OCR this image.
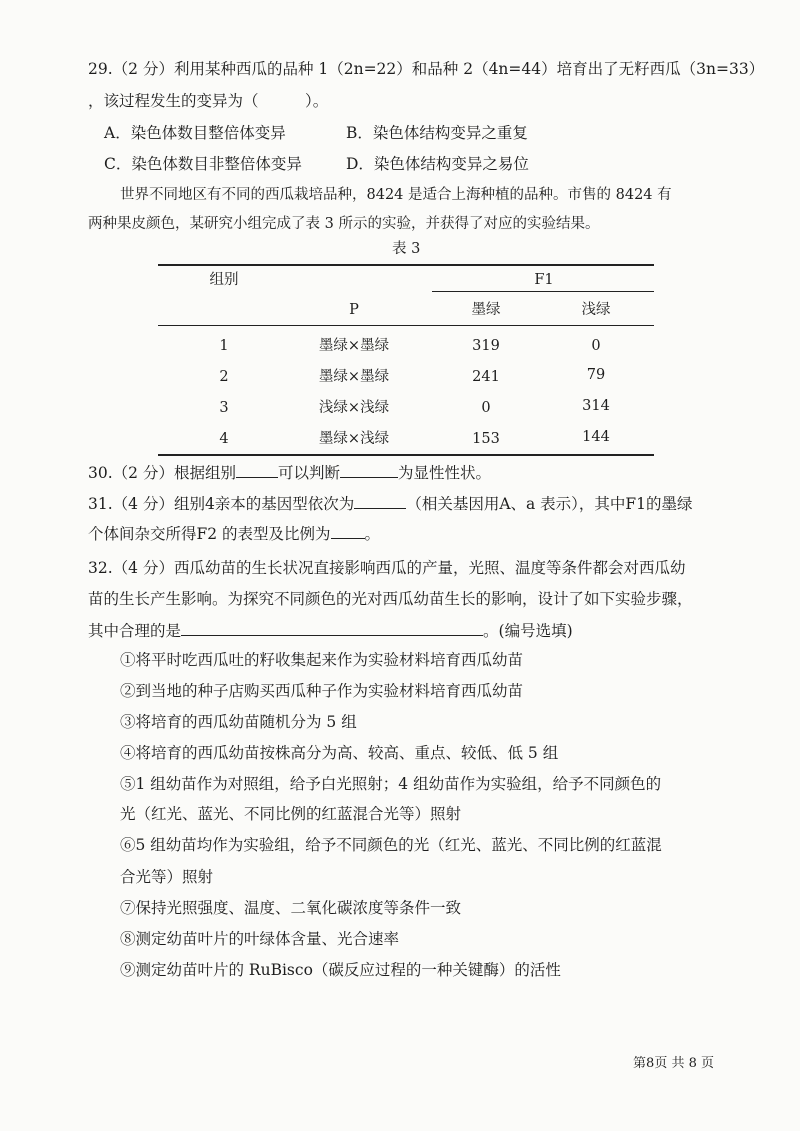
29.（2 分）利用某种西瓜的品种 1（2n=22）和品种 2（4n=44）培育出了无籽西瓜（3n=33）
，该过程发生的变异为（　　　）。
A．染色体数目整倍体变异	B．染色体结构变异之重复
C．染色体数目非整倍体变异	D．染色体结构变异之易位
世界不同地区有不同的西瓜栽培品种，8424 是适合上海种植的品种。市售的 8424 有
两种果皮颜色，某研究小组完成了表 3 所示的实验，并获得了对应的实验结果。
表 3
组别	F1
P	墨绿	浅绿
1	墨绿×墨绿	319	0
2	墨绿×墨绿	241	79
3	浅绿×浅绿	0	314
4	墨绿×浅绿	153	144
30.（2 分）根据组别	可以判断	为显性性状。
31.（4 分）组别4亲本的基因型依次为	（相关基因用A、a 表示），其中F1的墨绿
个体间杂交所得F2 的表型及比例为 。
32.（4 分）西瓜幼苗的生长状况直接影响西瓜的产量，光照、温度等条件都会对西瓜幼
苗的生长产生影响。为探究不同颜色的光对西瓜幼苗生长的影响，设计了如下实验步骤，
其中合理的是	。(编号选填)
①将平时吃西瓜吐的籽收集起来作为实验材料培育西瓜幼苗
②到当地的种子店购买西瓜种子作为实验材料培育西瓜幼苗
③将培育的西瓜幼苗随机分为 5 组
④将培育的西瓜幼苗按株高分为高、较高、重点、较低、低 5 组
⑤1 组幼苗作为对照组，给予白光照射；4 组幼苗作为实验组，给予不同颜色的
光（红光、蓝光、不同比例的红蓝混合光等）照射
⑥5 组幼苗均作为实验组，给予不同颜色的光（红光、蓝光、不同比例的红蓝混
合光等）照射
⑦保持光照强度、温度、二氧化碳浓度等条件一致
⑧测定幼苗叶片的叶绿体含量、光合速率
⑨测定幼苗叶片的 RuBisco（碳反应过程的一种关键酶）的活性
第8页 共 8 页
